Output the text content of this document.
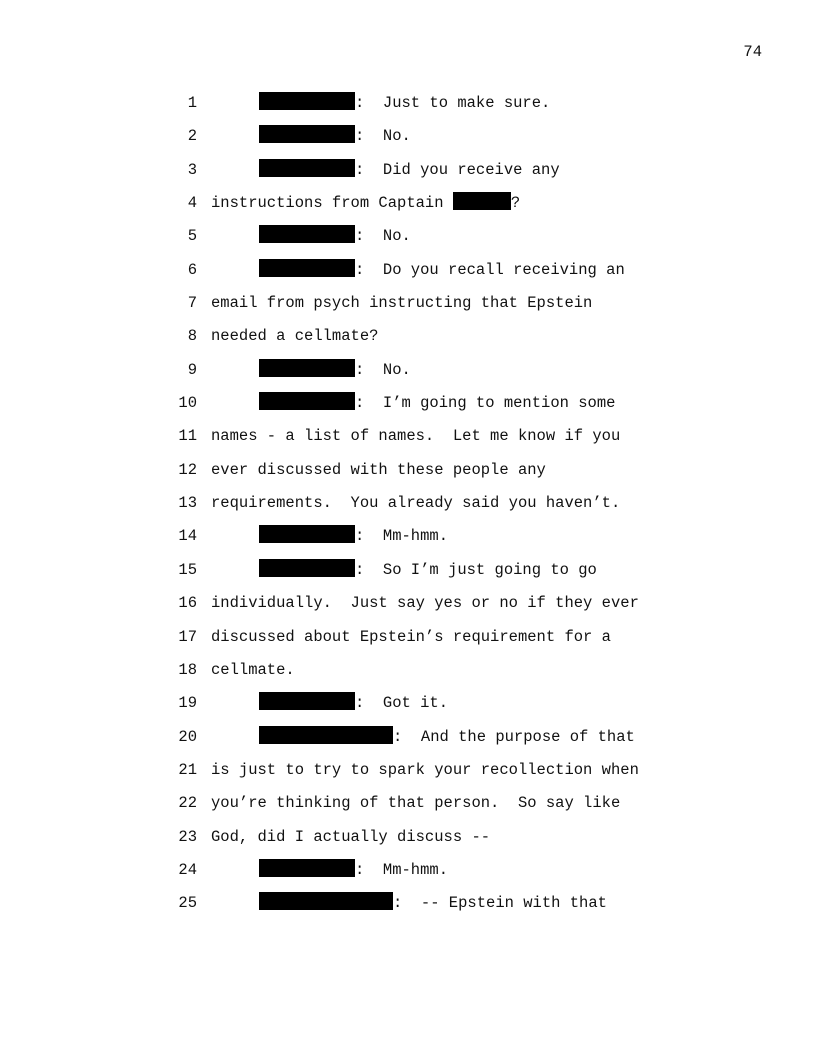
74
1	:  Just to make sure.
2	:  No.
3	:  Did you receive any
4 instructions from Captain	?
5	:  No.
6	:  Do you recall receiving an
7 email from psych instructing that Epstein
8 needed a cellmate?
9	:  No.
10	:  I’m going to mention some
11 names - a list of names.  Let me know if you
12 ever discussed with these people any
13 requirements.  You already said you haven’t.
14	:  Mm-hmm.
15	:  So I’m just going to go
16 individually.  Just say yes or no if they ever
17 discussed about Epstein’s requirement for a
18 cellmate.
19	:  Got it.
20	:  And the purpose of that
21 is just to try to spark your recollection when
22 you’re thinking of that person.  So say like
23 God, did I actually discuss --
24	:  Mm-hmm.
25	:  -- Epstein with that
